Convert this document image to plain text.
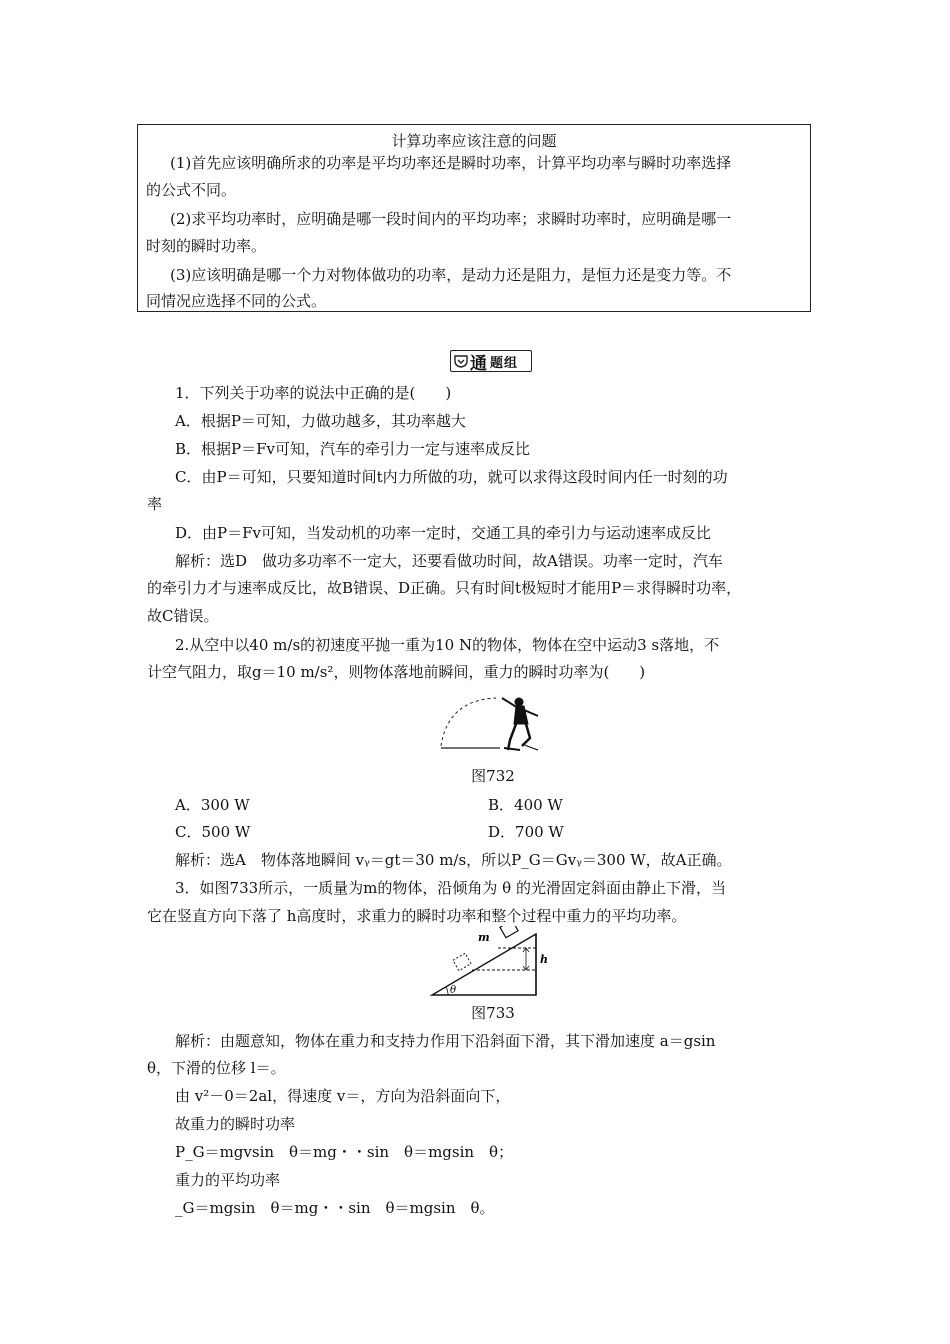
计算功率应该注意的问题
(1)首先应该明确所求的功率是平均功率还是瞬时功率，计算平均功率与瞬时功率选择
的公式不同。
(2)求平均功率时，应明确是哪一段时间内的平均功率；求瞬时功率时，应明确是哪一
时刻的瞬时功率。
(3)应该明确是哪一个力对物体做功的功率，是动力还是阻力，是恒力还是变力等。不
同情况应选择不同的公式。
通 题组
1．下列关于功率的说法中正确的是(　　)
A．根据P＝可知，力做功越多，其功率越大
B．根据P＝Fv可知，汽车的牵引力一定与速率成反比
C．由P＝可知，只要知道时间t内力所做的功，就可以求得这段时间内任一时刻的功
率
D．由P＝Fv可知，当发动机的功率一定时，交通工具的牵引力与运动速率成反比
解析：选D　做功多功率不一定大，还要看做功时间，故A错误。功率一定时，汽车
的牵引力才与速率成反比，故B错误、D正确。只有时间t极短时才能用P＝求得瞬时功率，
故C错误。
2.从空中以40 m/s的初速度平抛一重为10 N的物体，物体在空中运动3 s落地，不
计空气阻力，取g＝10 m/s²，则物体落地前瞬间，重力的瞬时功率为(　　)
图732
A．300 W	B．400 W
C．500 W	D．700 W
解析：选A　物体落地瞬间 vᵧ＝gt＝30 m/s，所以P_G＝Gvᵧ＝300 W，故A正确。
3．如图733所示，一质量为m的物体，沿倾角为 θ 的光滑固定斜面由静止下滑，当
它在竖直方向下落了 h高度时，求重力的瞬时功率和整个过程中重力的平均功率。
m
h
θ
图733
解析：由题意知，物体在重力和支持力作用下沿斜面下滑，其下滑加速度 a＝gsin
θ，下滑的位移 l＝。
由 v²－0＝2al，得速度 v＝，方向为沿斜面向下，
故重力的瞬时功率
P_G＝mgvsin　θ＝mg・・sin　θ＝mgsin　θ；
重力的平均功率
_G＝mgsin　θ＝mg・・sin　θ＝mgsin　θ。
